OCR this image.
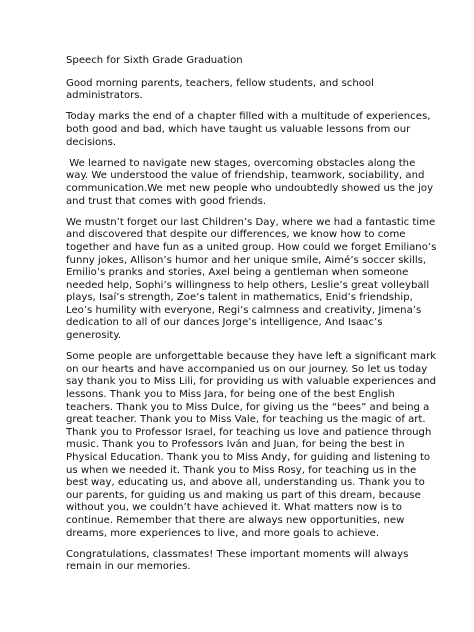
Speech for Sixth Grade Graduation

Good morning parents, teachers, fellow students, and school administrators.

Today marks the end of a chapter filled with a multitude of experiences, both good and bad, which have taught us valuable lessons from our decisions.

We learned to navigate new stages, overcoming obstacles along the way. We understood the value of friendship, teamwork, sociability, and communication.We met new people who undoubtedly showed us the joy and trust that comes with good friends.

We mustn’t forget our last Children’s Day, where we had a fantastic time and discovered that despite our differences, we know how to come together and have fun as a united group. How could we forget Emiliano’s funny jokes, Allison’s humor and her unique smile, Aimé’s soccer skills, Emilio’s pranks and stories, Axel being a gentleman when someone needed help, Sophi’s willingness to help others, Leslie’s great volleyball plays, Isaí’s strength, Zoe’s talent in mathematics, Enid’s friendship, Leo’s humility with everyone, Regi’s calmness and creativity, Jimena’s dedication to all of our dances Jorge’s intelligence, And Isaac’s generosity.

Some people are unforgettable because they have left a significant mark on our hearts and have accompanied us on our journey. So let us today say thank you to Miss Lili, for providing us with valuable experiences and lessons. Thank you to Miss Jara, for being one of the best English teachers. Thank you to Miss Dulce, for giving us the “bees” and being a great teacher. Thank you to Miss Vale, for teaching us the magic of art. Thank you to Professor Israel, for teaching us love and patience through music. Thank you to Professors Iván and Juan, for being the best in Physical Education. Thank you to Miss Andy, for guiding and listening to us when we needed it. Thank you to Miss Rosy, for teaching us in the best way, educating us, and above all, understanding us. Thank you to our parents, for guiding us and making us part of this dream, because without you, we couldn’t have achieved it. What matters now is to continue. Remember that there are always new opportunities, new dreams, more experiences to live, and more goals to achieve.

Congratulations, classmates! These important moments will always remain in our memories.
